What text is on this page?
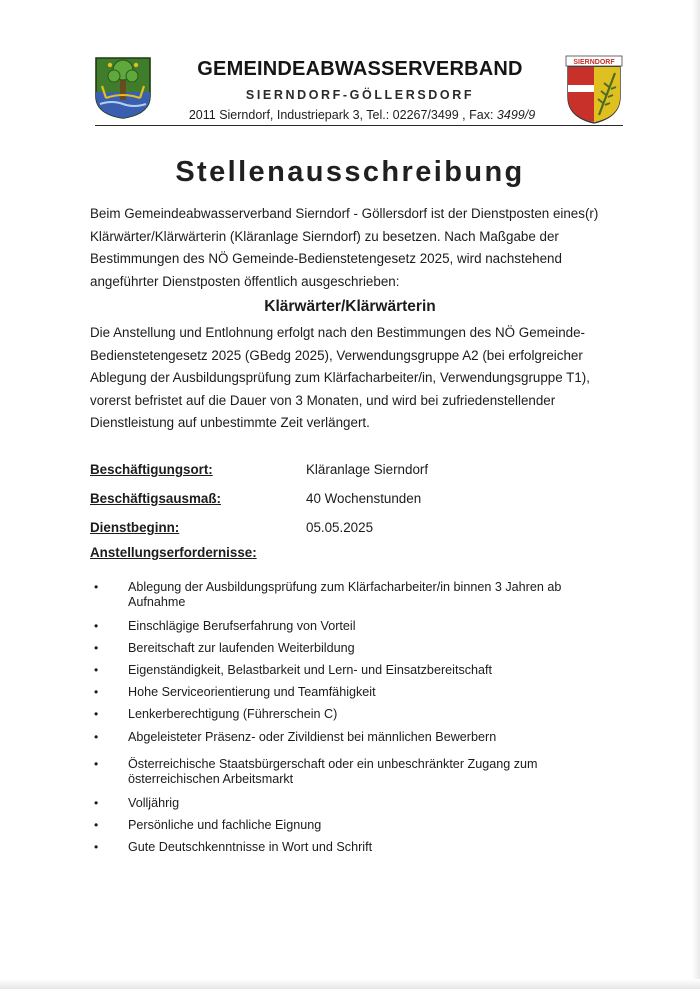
SIERNDORF
GEMEINDEABWASSERVERBAND
SIERNDORF-GÖLLERSDORF
2011 Sierndorf, Industriepark 3, Tel.: 02267/3499 , Fax: 3499/9
Stellenausschreibung

Beim Gemeindeabwasserverband Sierndorf - Göllersdorf ist der Dienstposten eines(r) Klärwärter/Klärwärterin (Kläranlage Sierndorf) zu besetzen. Nach Maßgabe der Bestimmungen des NÖ Gemeinde-Bedienstetengesetz 2025, wird nachstehend angeführter Dienstposten öffentlich ausgeschrieben:

Klärwärter/Klärwärterin

Die Anstellung und Entlohnung erfolgt nach den Bestimmungen des NÖ Gemeinde-Bedienstetengesetz 2025 (GBedg 2025), Verwendungsgruppe A2 (bei erfolgreicher Ablegung der Ausbildungsprüfung zum Klärfacharbeiter/in, Verwendungsgruppe T1), vorerst befristet auf die Dauer von 3 Monaten, und wird bei zufriedenstellender Dienstleistung auf unbestimmte Zeit verlängert.

Beschäftigungsort:	Kläranlage Sierndorf
Beschäftigsausmaß:	40 Wochenstunden
Dienstbeginn:	05.05.2025
Anstellungserfordernisse:
• Ablegung der Ausbildungsprüfung zum Klärfacharbeiter/in binnen 3 Jahren ab Aufnahme
• Einschlägige Berufserfahrung von Vorteil
• Bereitschaft zur laufenden Weiterbildung
• Eigenständigkeit, Belastbarkeit und Lern- und Einsatzbereitschaft
• Hohe Serviceorientierung und Teamfähigkeit
• Lenkerberechtigung (Führerschein C)
• Abgeleisteter Präsenz- oder Zivildienst bei männlichen Bewerbern
• Österreichische Staatsbürgerschaft oder ein unbeschränkter Zugang zum österreichischen Arbeitsmarkt
• Volljährig
• Persönliche und fachliche Eignung
• Gute Deutschkenntnisse in Wort und Schrift
